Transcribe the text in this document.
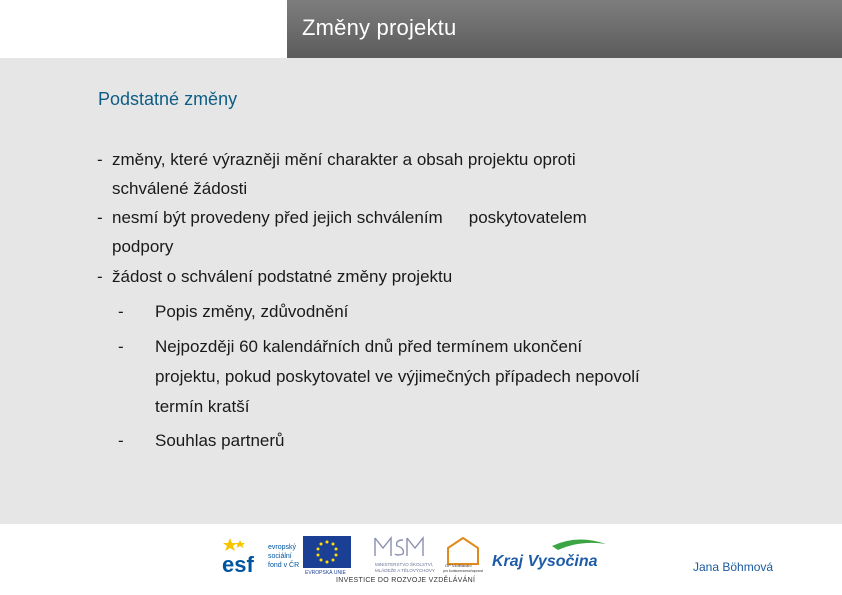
Změny projektu
Podstatné změny
- změny, které výrazněji mění charakter a obsah projektu oproti
schválené žádosti
- nesmí být provedeny před jejich schválením poskytovatelem
podpory
- žádost o schválení podstatné změny projektu
- Popis změny, zdůvodnění
- Nejpozději 60 kalendářních dnů před termínem ukončení
projektu, pokud poskytovatel ve výjimečných případech nepovolí
termín kratší
- Souhlas partnerů
esf
evropský
sociální
fond v ČR
EVROPSKÁ UNIE
MINISTERSTVO ŠKOLSTVÍ,
MLÁDEŽE A TĚLOVÝCHOVY
OP Vzdělávání
pro konkurenceschopnost
Kraj Vysočina
INVESTICE DO ROZVOJE VZDĚLÁVÁNÍ
Jana Böhmová
